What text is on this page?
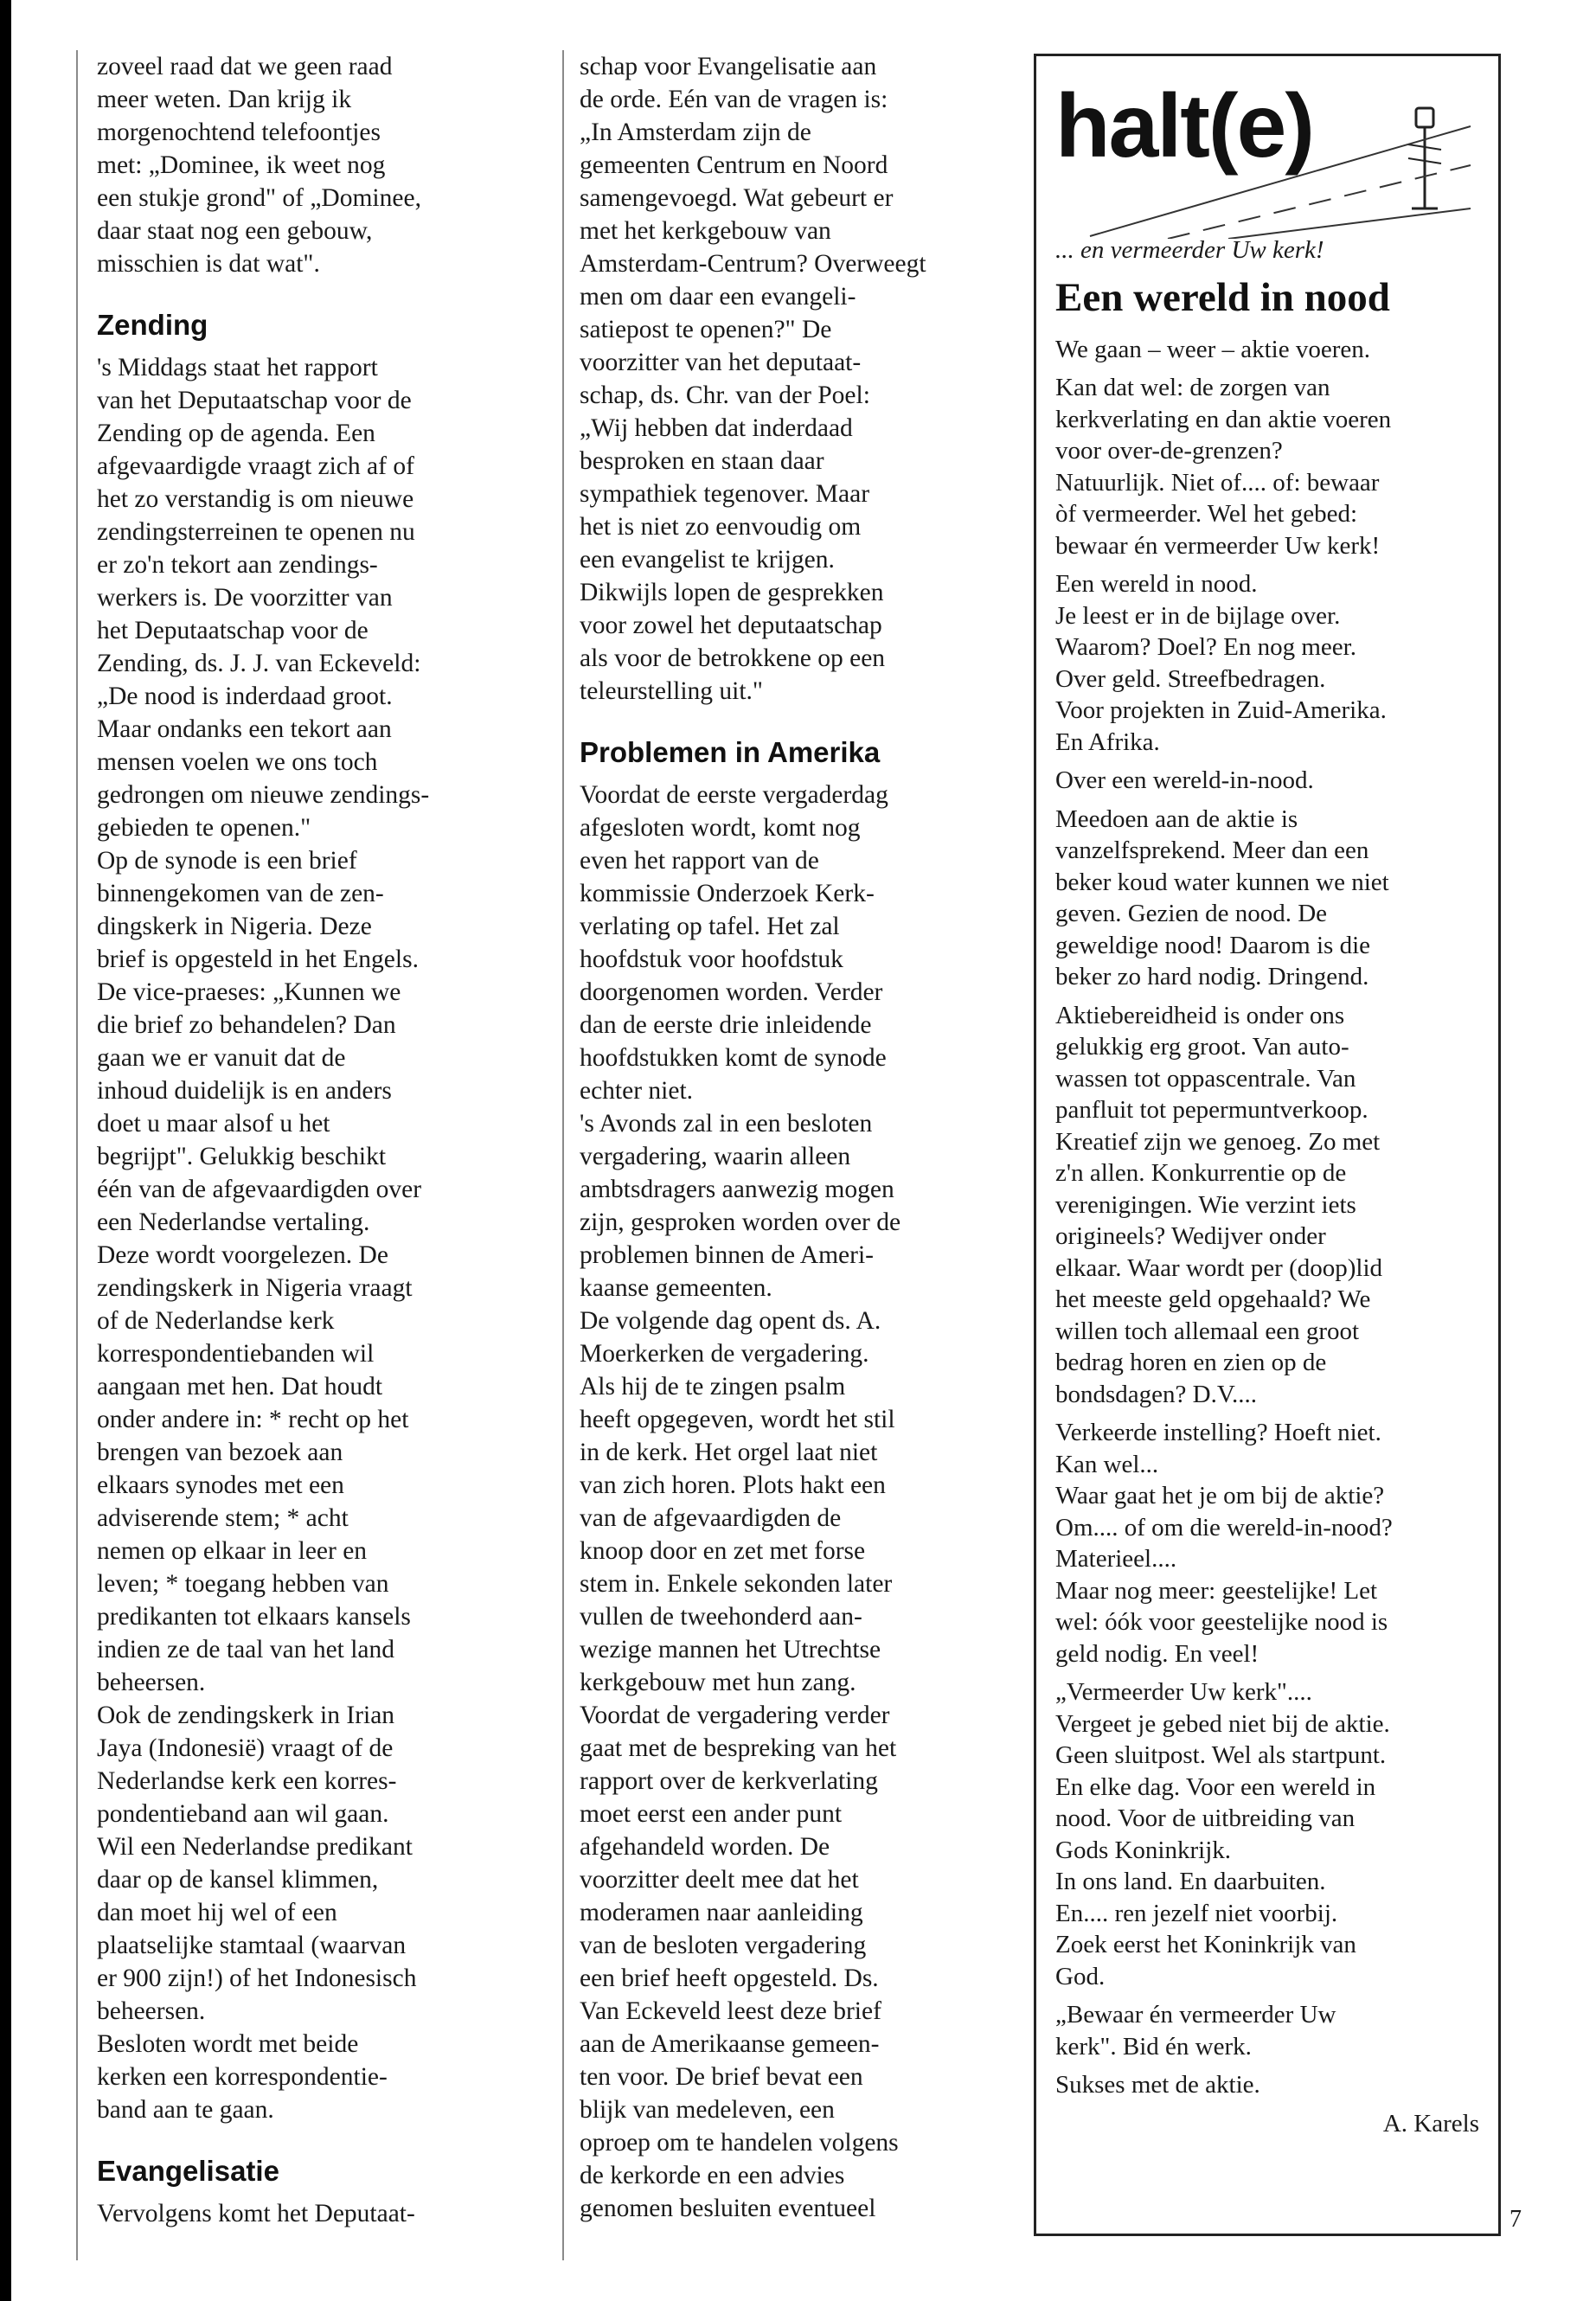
zoveel raad dat we geen raad
meer weten. Dan krijg ik
morgenochtend telefoontjes
met: „Dominee, ik weet nog
een stukje grond" of „Dominee,
daar staat nog een gebouw,
misschien is dat wat".

Zending

's Middags staat het rapport
van het Deputaatschap voor de
Zending op de agenda. Een
afgevaardigde vraagt zich af of
het zo verstandig is om nieuwe
zendingsterreinen te openen nu
er zo'n tekort aan zendings-
werkers is. De voorzitter van
het Deputaatschap voor de
Zending, ds. J. J. van Eckeveld:
„De nood is inderdaad groot.
Maar ondanks een tekort aan
mensen voelen we ons toch
gedrongen om nieuwe zendings-
gebieden te openen."
Op de synode is een brief
binnengekomen van de zen-
dingskerk in Nigeria. Deze
brief is opgesteld in het Engels.
De vice-praeses: „Kunnen we
die brief zo behandelen? Dan
gaan we er vanuit dat de
inhoud duidelijk is en anders
doet u maar alsof u het
begrijpt". Gelukkig beschikt
één van de afgevaardigden over
een Nederlandse vertaling.
Deze wordt voorgelezen. De
zendingskerk in Nigeria vraagt
of de Nederlandse kerk
korrespondentiebanden wil
aangaan met hen. Dat houdt
onder andere in: * recht op het
brengen van bezoek aan
elkaars synodes met een
adviserende stem; * acht
nemen op elkaar in leer en
leven; * toegang hebben van
predikanten tot elkaars kansels
indien ze de taal van het land
beheersen.
Ook de zendingskerk in Irian
Jaya (Indonesië) vraagt of de
Nederlandse kerk een korres-
pondentieband aan wil gaan.
Wil een Nederlandse predikant
daar op de kansel klimmen,
dan moet hij wel of een
plaatselijke stamtaal (waarvan
er 900 zijn!) of het Indonesisch
beheersen.
Besloten wordt met beide
kerken een korrespondentie-
band aan te gaan.

Evangelisatie

Vervolgens komt het Deputaat-

schap voor Evangelisatie aan
de orde. Eén van de vragen is:
„In Amsterdam zijn de
gemeenten Centrum en Noord
samengevoegd. Wat gebeurt er
met het kerkgebouw van
Amsterdam-Centrum? Overweegt
men om daar een evangeli-
satiepost te openen?" De
voorzitter van het deputaat-
schap, ds. Chr. van der Poel:
„Wij hebben dat inderdaad
besproken en staan daar
sympathiek tegenover. Maar
het is niet zo eenvoudig om
een evangelist te krijgen.
Dikwijls lopen de gesprekken
voor zowel het deputaatschap
als voor de betrokkene op een
teleurstelling uit."

Problemen in Amerika

Voordat de eerste vergaderdag
afgesloten wordt, komt nog
even het rapport van de
kommissie Onderzoek Kerk-
verlating op tafel. Het zal
hoofdstuk voor hoofdstuk
doorgenomen worden. Verder
dan de eerste drie inleidende
hoofdstukken komt de synode
echter niet.
's Avonds zal in een besloten
vergadering, waarin alleen
ambtsdragers aanwezig mogen
zijn, gesproken worden over de
problemen binnen de Ameri-
kaanse gemeenten.
De volgende dag opent ds. A.
Moerkerken de vergadering.
Als hij de te zingen psalm
heeft opgegeven, wordt het stil
in de kerk. Het orgel laat niet
van zich horen. Plots hakt een
van de afgevaardigden de
knoop door en zet met forse
stem in. Enkele sekonden later
vullen de tweehonderd aan-
wezige mannen het Utrechtse
kerkgebouw met hun zang.
Voordat de vergadering verder
gaat met de bespreking van het
rapport over de kerkverlating
moet eerst een ander punt
afgehandeld worden. De
voorzitter deelt mee dat het
moderamen naar aanleiding
van de besloten vergadering
een brief heeft opgesteld. Ds.
Van Eckeveld leest deze brief
aan de Amerikaanse gemeen-
ten voor. De brief bevat een
blijk van medeleven, een
oproep om te handelen volgens
de kerkorde en een advies
genomen besluiten eventueel

halt(e)

... en vermeerder Uw kerk!

Een wereld in nood

We gaan – weer – aktie voeren.

Kan dat wel: de zorgen van
kerkverlating en dan aktie voeren
voor over-de-grenzen?
Natuurlijk. Niet of.... of: bewaar
òf vermeerder. Wel het gebed:
bewaar én vermeerder Uw kerk!

Een wereld in nood.
Je leest er in de bijlage over.
Waarom? Doel? En nog meer.
Over geld. Streefbedragen.
Voor projekten in Zuid-Amerika.
En Afrika.

Over een wereld-in-nood.

Meedoen aan de aktie is
vanzelfsprekend. Meer dan een
beker koud water kunnen we niet
geven. Gezien de nood. De
geweldige nood! Daarom is die
beker zo hard nodig. Dringend.

Aktiebereidheid is onder ons
gelukkig erg groot. Van auto-
wassen tot oppascentrale. Van
panfluit tot pepermuntverkoop.
Kreatief zijn we genoeg. Zo met
z'n allen. Konkurrentie op de
verenigingen. Wie verzint iets
origineels? Wedijver onder
elkaar. Waar wordt per (doop)lid
het meeste geld opgehaald? We
willen toch allemaal een groot
bedrag horen en zien op de
bondsdagen? D.V....

Verkeerde instelling? Hoeft niet.
Kan wel...
Waar gaat het je om bij de aktie?
Om.... of om die wereld-in-nood?
Materieel....
Maar nog meer: geestelijke! Let
wel: óók voor geestelijke nood is
geld nodig. En veel!

„Vermeerder Uw kerk"....
Vergeet je gebed niet bij de aktie.
Geen sluitpost. Wel als startpunt.
En elke dag. Voor een wereld in
nood. Voor de uitbreiding van
Gods Koninkrijk.
In ons land. En daarbuiten.
En.... ren jezelf niet voorbij.
Zoek eerst het Koninkrijk van
God.

„Bewaar én vermeerder Uw
kerk". Bid én werk.

Sukses met de aktie.

A. Karels

7
